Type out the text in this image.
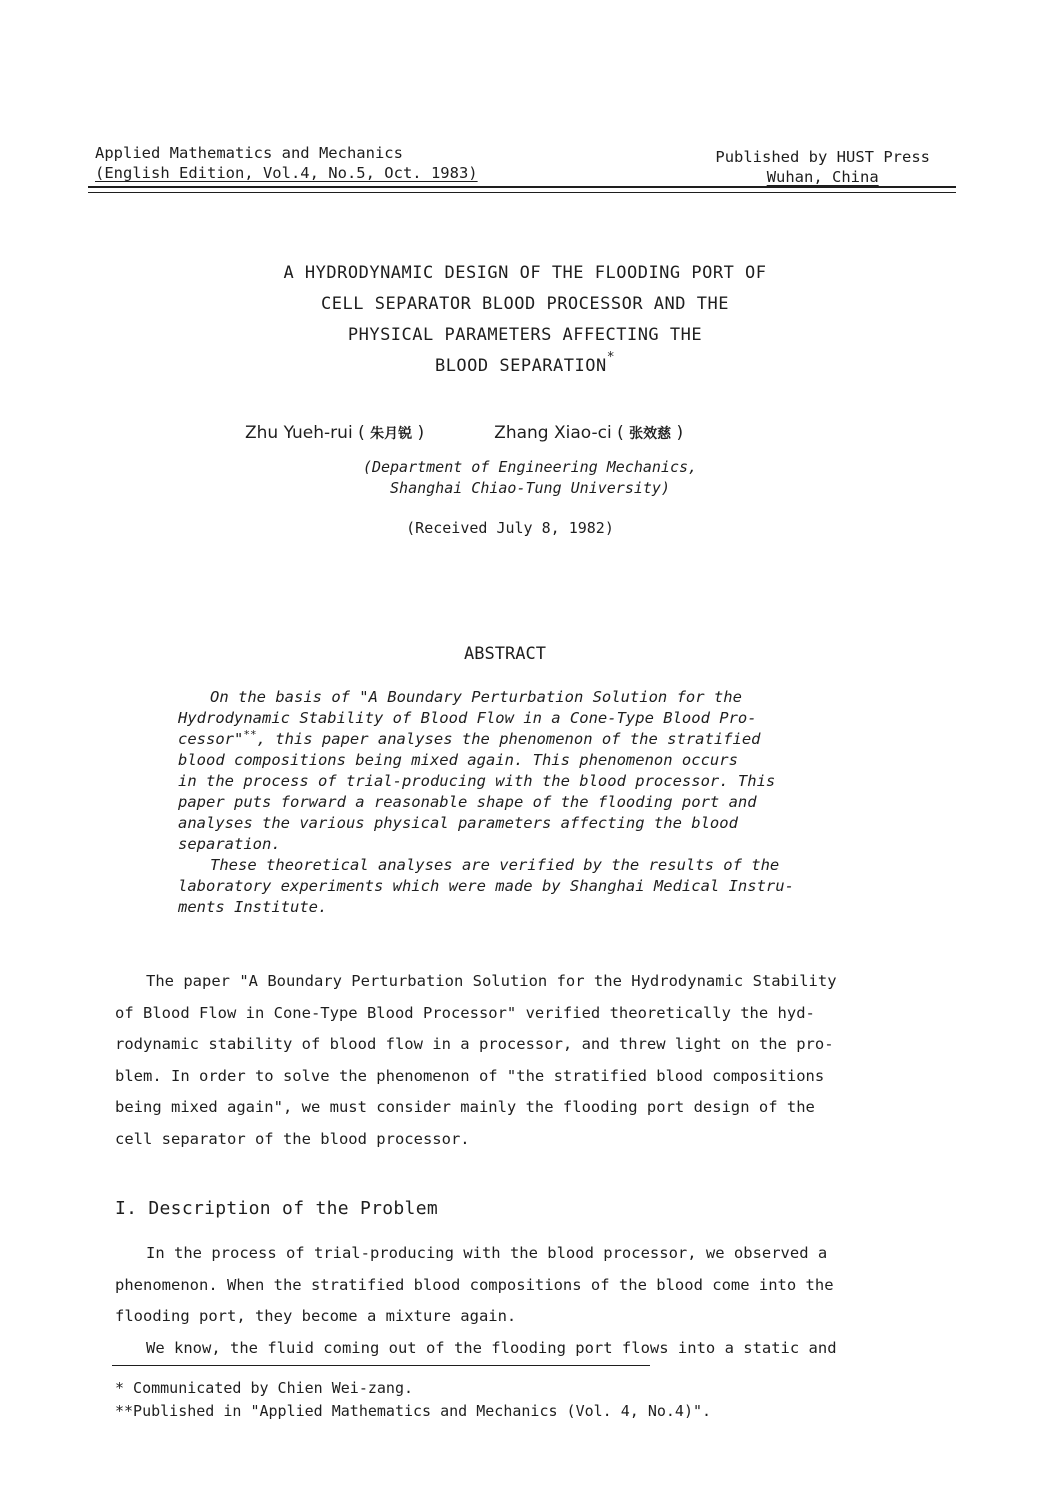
Applied Mathematics and Mechanics
(English Edition, Vol.4, No.5, Oct. 1983)
Published by HUST Press
Wuhan, China
A HYDRODYNAMIC DESIGN OF THE FLOODING PORT OF
CELL SEPARATOR BLOOD PROCESSOR AND THE
PHYSICAL PARAMETERS AFFECTING THE
BLOOD SEPARATION*
Zhu Yueh-rui ( 朱月锐 )	Zhang Xiao-ci ( 张效慈 )
(Department of Engineering Mechanics,
Shanghai Chiao-Tung University)
(Received July 8, 1982)
ABSTRACT
On the basis of "A Boundary Perturbation Solution for the
Hydrodynamic Stability of Blood Flow in a Cone-Type Blood Pro-
cessor"**, this paper analyses the phenomenon of the stratified
blood compositions being mixed again. This phenomenon occurs
in the process of trial-producing with the blood processor. This
paper puts forward a reasonable shape of the flooding port and
analyses the various physical parameters affecting the blood
separation.
These theoretical analyses are verified by the results of the
laboratory experiments which were made by Shanghai Medical Instru-
ments Institute.
The paper "A Boundary Perturbation Solution for the Hydrodynamic Stability
of Blood Flow in Cone-Type Blood Processor" verified theoretically the hyd-
rodynamic stability of blood flow in a processor, and threw light on the pro-
blem. In order to solve the phenomenon of "the stratified blood compositions
being mixed again", we must consider mainly the flooding port design of the
cell separator of the blood processor.
I. Description of the Problem
In the process of trial-producing with the blood processor, we observed a
phenomenon. When the stratified blood compositions of the blood come into the
flooding port, they become a mixture again.
We know, the fluid coming out of the flooding port flows into a static and
* Communicated by Chien Wei-zang.
**Published in "Applied Mathematics and Mechanics (Vol. 4, No.4)".
